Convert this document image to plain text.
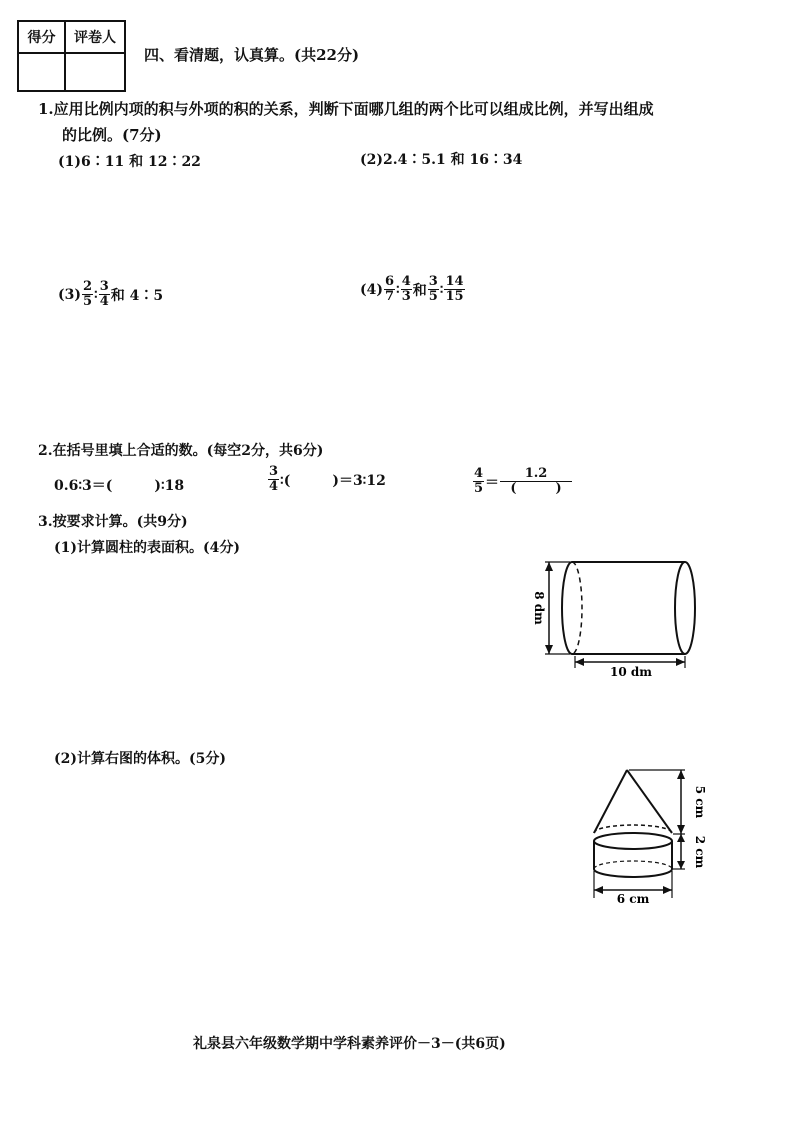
得分	评卷人

四、看清题，认真算。(共22分)
1.应用比例内项的积与外项的积的关系，判断下面哪几组的两个比可以组成比例，并写出组成
的比例。(7分)
(1)6∶11 和 12∶22	(2)2.4∶5.1 和 16∶34
$(3) \frac{2}{5}$ ∶ $\frac{3}{4}$ 和 4∶5	$(4) \frac{6}{7}$ ∶ $\frac{4}{3}$ 和 $\frac{3}{5}$ ∶ $\frac{14}{15}$
2.在括号里填上合适的数。(每空2分，共6分)
0.6∶3＝(　　　)∶18	$\frac{3}{4}$ ∶(　　　)＝3∶12	$\frac{4}{5} = \frac{1.2}{( )}$
3.按要求计算。(共9分)
(1)计算圆柱的表面积。(4分)
8 dm
10 dm
(2)计算右图的体积。(5分)
5 cm
2 cm
6 cm
礼泉县六年级数学期中学科素养评价－3－(共6页)
